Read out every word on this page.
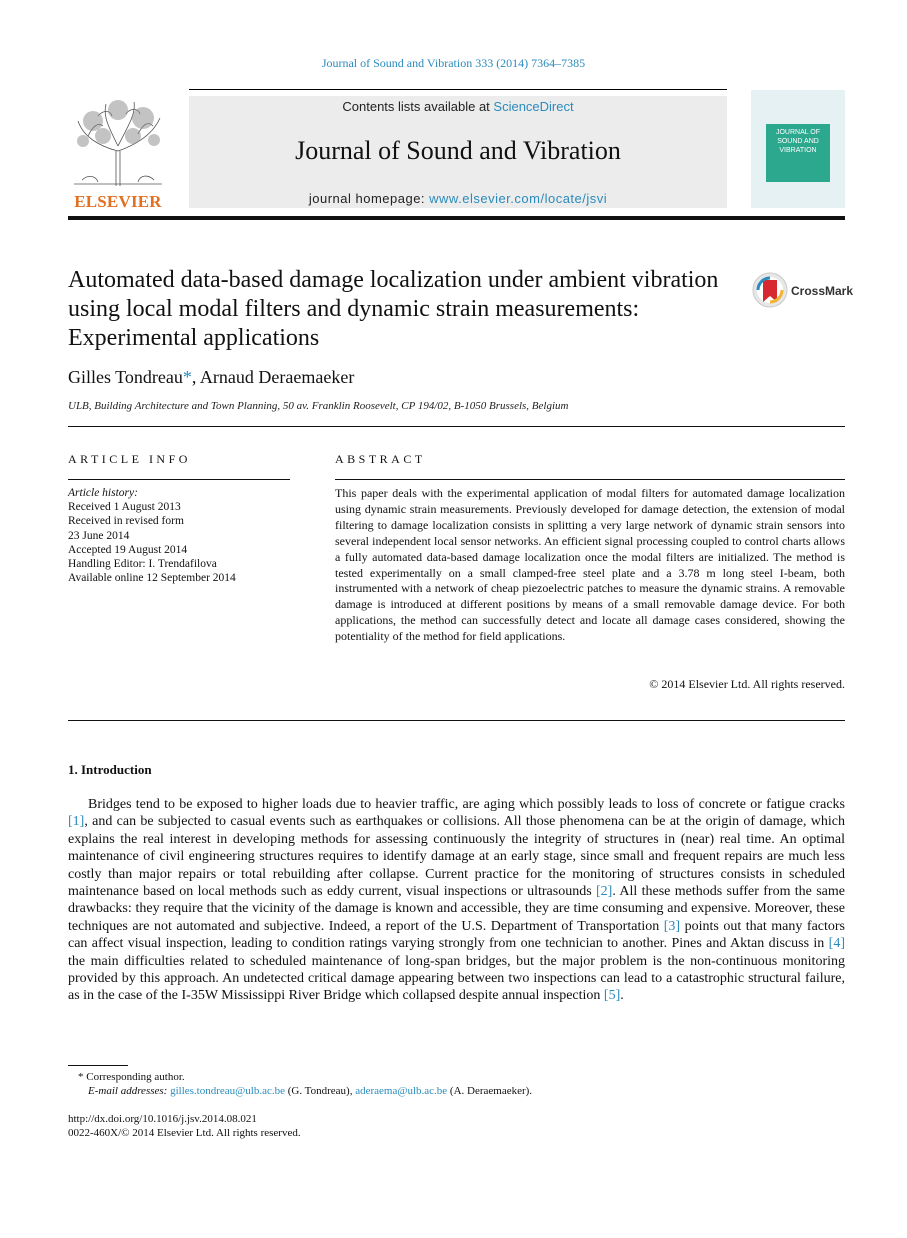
Journal of Sound and Vibration 333 (2014) 7364–7385
ELSEVIER
Contents lists available at ScienceDirect
Journal of Sound and Vibration
journal homepage: www.elsevier.com/locate/jsvi
JOURNAL OF SOUND AND VIBRATION
Automated data-based damage localization under ambient vibration using local modal filters and dynamic strain measurements: Experimental applications
CrossMark
Gilles Tondreau*, Arnaud Deraemaeker
ULB, Building Architecture and Town Planning, 50 av. Franklin Roosevelt, CP 194/02, B-1050 Brussels, Belgium
ARTICLE INFO
Article history:
Received 1 August 2013
Received in revised form
23 June 2014
Accepted 19 August 2014
Handling Editor: I. Trendafilova
Available online 12 September 2014
ABSTRACT
This paper deals with the experimental application of modal filters for automated damage localization using dynamic strain measurements. Previously developed for damage detection, the extension of modal filtering to damage localization consists in splitting a very large network of dynamic strain sensors into several independent local sensor networks. An efficient signal processing coupled to control charts allows a fully automated data-based damage localization once the modal filters are initialized. The method is tested experimentally on a small clamped-free steel plate and a 3.78 m long steel I-beam, both instrumented with a network of cheap piezoelectric patches to measure the dynamic strains. A removable damage is introduced at different positions by means of a small removable damage device. For both applications, the method can successfully detect and locate all damage cases considered, showing the potentiality of the method for field applications.
© 2014 Elsevier Ltd. All rights reserved.
1. Introduction
Bridges tend to be exposed to higher loads due to heavier traffic, are aging which possibly leads to loss of concrete or fatigue cracks [1], and can be subjected to casual events such as earthquakes or collisions. All those phenomena can be at the origin of damage, which explains the real interest in developing methods for assessing continuously the integrity of structures in (near) real time. An optimal maintenance of civil engineering structures requires to identify damage at an early stage, since small and frequent repairs are much less costly than major repairs or total rebuilding after collapse. Current practice for the monitoring of structures consists in scheduled maintenance based on local methods such as eddy current, visual inspections or ultrasounds [2]. All these methods suffer from the same drawbacks: they require that the vicinity of the damage is known and accessible, they are time consuming and expensive. Moreover, these techniques are not automated and subjective. Indeed, a report of the U.S. Department of Transportation [3] points out that many factors can affect visual inspection, leading to condition ratings varying strongly from one technician to another. Pines and Aktan discuss in [4] the main difficulties related to scheduled maintenance of long-span bridges, but the major problem is the non-continuous monitoring provided by this approach. An undetected critical damage appearing between two inspections can lead to a catastrophic structural failure, as in the case of the I-35W Mississippi River Bridge which collapsed despite annual inspection [5].
* Corresponding author.
E-mail addresses: gilles.tondreau@ulb.ac.be (G. Tondreau), aderaema@ulb.ac.be (A. Deraemaeker).
http://dx.doi.org/10.1016/j.jsv.2014.08.021
0022-460X/© 2014 Elsevier Ltd. All rights reserved.
